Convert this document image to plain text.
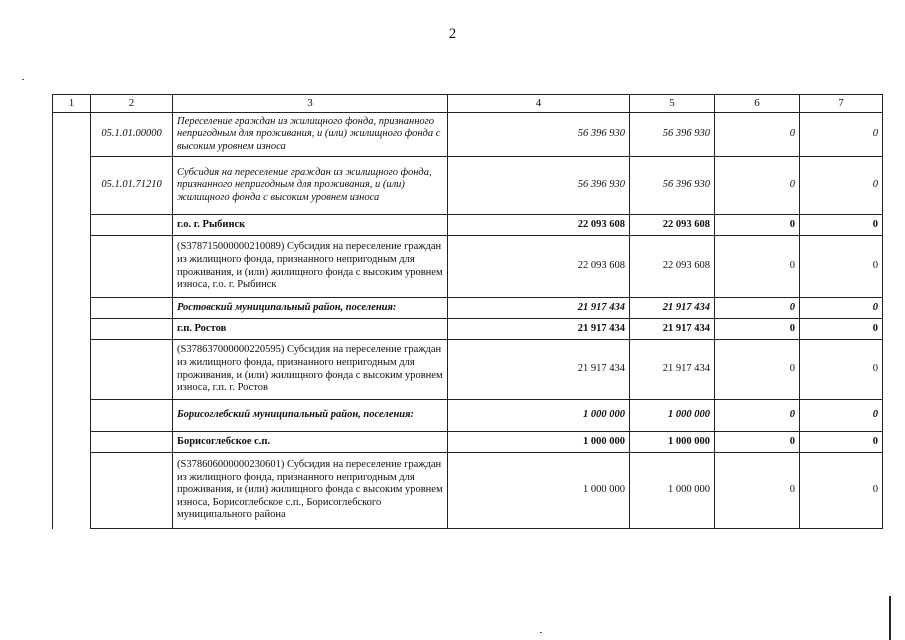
2
1	2	3	4	5	6	7
	05.1.01.00000	Переселение граждан из жилищного фонда, признанного непригодным для проживания, и (или) жилищного фонда с высоким уровнем износа	56 396 930	56 396 930	0	0
	05.1.01.71210	Субсидия на переселение граждан из жилищного фонда, признанного непригодным для проживания, и (или) жилищного фонда с высоким уровнем износа	56 396 930	56 396 930	0	0
		г.о. г. Рыбинск	22 093 608	22 093 608	0	0
		(S378715000000210089) Субсидия на переселение граждан из жилищного фонда, признанного непригодным для проживания, и (или) жилищного фонда с высоким уровнем износа, г.о. г. Рыбинск	22 093 608	22 093 608	0	0
		Ростовский муниципальный район, поселения:	21 917 434	21 917 434	0	0
		г.п. Ростов	21 917 434	21 917 434	0	0
		(S378637000000220595) Субсидия на переселение граждан из жилищного фонда, признанного непригодным для проживания, и (или) жилищного фонда с высоким уровнем износа, г.п. г. Ростов	21 917 434	21 917 434	0	0
		Борисоглебский муниципальный район, поселения:	1 000 000	1 000 000	0	0
		Борисоглебское с.п.	1 000 000	1 000 000	0	0
		(S378606000000230601) Субсидия на переселение граждан из жилищного фонда, признанного непригодным для проживания, и (или) жилищного фонда с высоким уровнем износа, Борисоглебское с.п., Борисоглебского муниципального района	1 000 000	1 000 000	0	0
